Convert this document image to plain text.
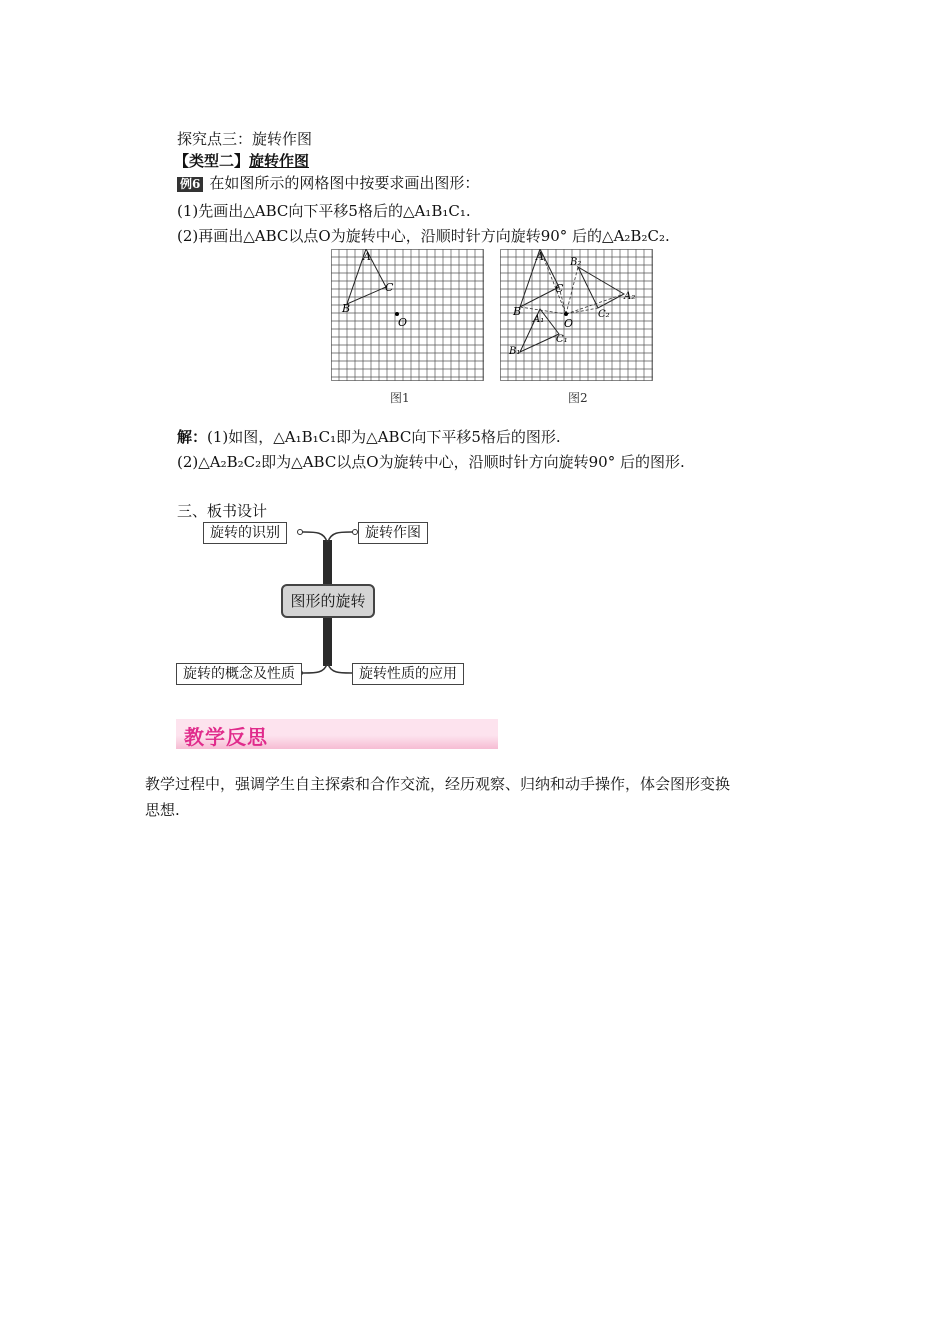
探究点三：旋转作图
【类型二】旋转作图
例6 在如图所示的网格图中按要求画出图形：
(1)先画出△ABC向下平移5格后的△A₁B₁C₁.
(2)再画出△ABC以点O为旋转中心，沿顺时针方向旋转90° 后的△A₂B₂C₂.
A
B
C
O
图1
A
B
C
O
A₁
B₁
C₁
A₂
B₂
C₂
图2
解：(1)如图，△A₁B₁C₁即为△ABC向下平移5格后的图形.
(2)△A₂B₂C₂即为△ABC以点O为旋转中心，沿顺时针方向旋转90° 后的图形.
三、板书设计
旋转的识别	旋转作图
图形的旋转
旋转的概念及性质	旋转性质的应用
教学反思
教学过程中，强调学生自主探索和合作交流，经历观察、归纳和动手操作，体会图形变换
思想.
